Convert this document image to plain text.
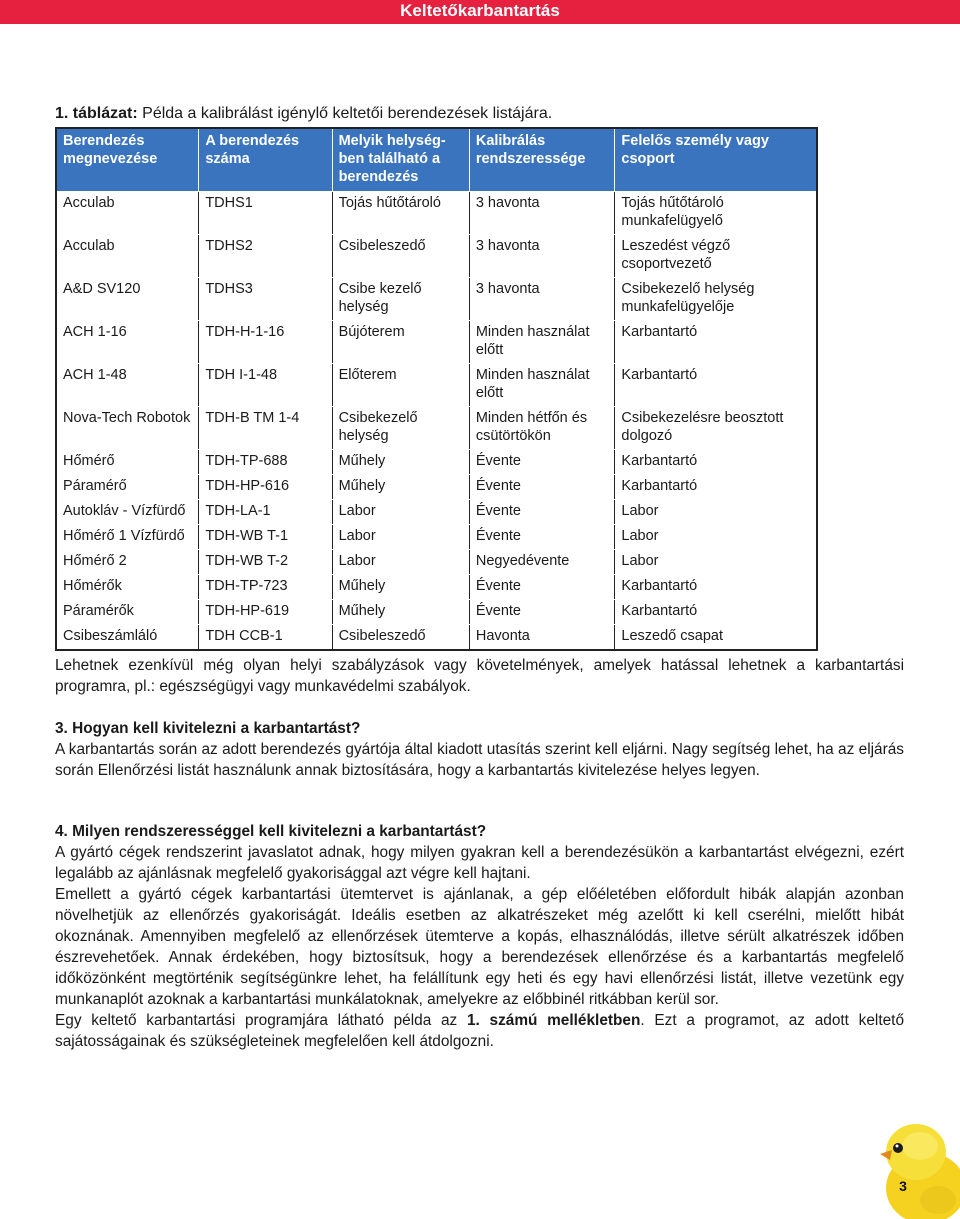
Keltetőkarbantartás
1. táblázat: Példa a kalibrálást igénylő keltetői berendezések listájára.
Berendezés megnevezése	A berendezés száma	Melyik helység-ben található a berendezés	Kalibrálás rendszeressége	Felelős személy vagy csoport
Acculab	TDHS1	Tojás hűtőtároló	3 havonta	Tojás hűtőtároló munkafelügyelő
Acculab	TDHS2	Csibeleszedő	3 havonta	Leszedést végző csoportvezető
A&D SV120	TDHS3	Csibe kezelő helység	3 havonta	Csibekezelő helység munkafelügyelője
ACH 1-16	TDH-H-1-16	Bújóterem	Minden használat előtt	Karbantartó
ACH 1-48	TDH I-1-48	Előterem	Minden használat előtt	Karbantartó
Nova-Tech Robotok	TDH-B TM 1-4	Csibekezelő helység	Minden hétfőn és csütörtökön	Csibekezelésre beosztott dolgozó
Hőmérő	TDH-TP-688	Műhely	Évente	Karbantartó
Páramérő	TDH-HP-616	Műhely	Évente	Karbantartó
Autokláv - Vízfürdő	TDH-LA-1	Labor	Évente	Labor
Hőmérő 1 Vízfürdő	TDH-WB T-1	Labor	Évente	Labor
Hőmérő 2	TDH-WB T-2	Labor	Negyedévente	Labor
Hőmérők	TDH-TP-723	Műhely	Évente	Karbantartó
Páramérők	TDH-HP-619	Műhely	Évente	Karbantartó
Csibeszámláló	TDH CCB-1	Csibeleszedő	Havonta	Leszedő csapat

Lehetnek ezenkívül még olyan helyi szabályzások vagy követelmények, amelyek hatással lehetnek a karbantartási programra, pl.: egészségügyi vagy munkavédelmi szabályok.

3. Hogyan kell kivitelezni a karbantartást?

A karbantartás során az adott berendezés gyártója által kiadott utasítás szerint kell eljárni. Nagy segítség lehet, ha az eljárás során Ellenőrzési listát használunk annak biztosítására, hogy a karbantartás kivitelezése helyes legyen.

4. Milyen rendszerességgel kell kivitelezni a karbantartást?

A gyártó cégek rendszerint javaslatot adnak, hogy milyen gyakran kell a berendezésükön a karbantartást elvégezni, ezért legalább az ajánlásnak megfelelő gyakorisággal azt végre kell hajtani.

Emellett a gyártó cégek karbantartási ütemtervet is ajánlanak, a gép előéletében előfordult hibák alapján azonban növelhetjük az ellenőrzés gyakoriságát. Ideális esetben az alkatrészeket még azelőtt ki kell cserélni, mielőtt hibát okoznának. Amennyiben megfelelő az ellenőrzések ütemterve a kopás, elhasználódás, illetve sérült alkatrészek időben észrevehetőek. Annak érdekében, hogy biztosítsuk, hogy a berendezések ellenőrzése és a karbantartás megfelelő időközönként megtörténik segítségünkre lehet, ha felállítunk egy heti és egy havi ellenőrzési listát, illetve vezetünk egy munkanaplót azoknak a karbantartási munkálatoknak, amelyekre az előbbinél ritkábban kerül sor.

Egy keltető karbantartási programjára látható példa az 1. számú mellékletben. Ezt a programot, az adott keltető sajátosságainak és szükségleteinek megfelelően kell átdolgozni.

3
